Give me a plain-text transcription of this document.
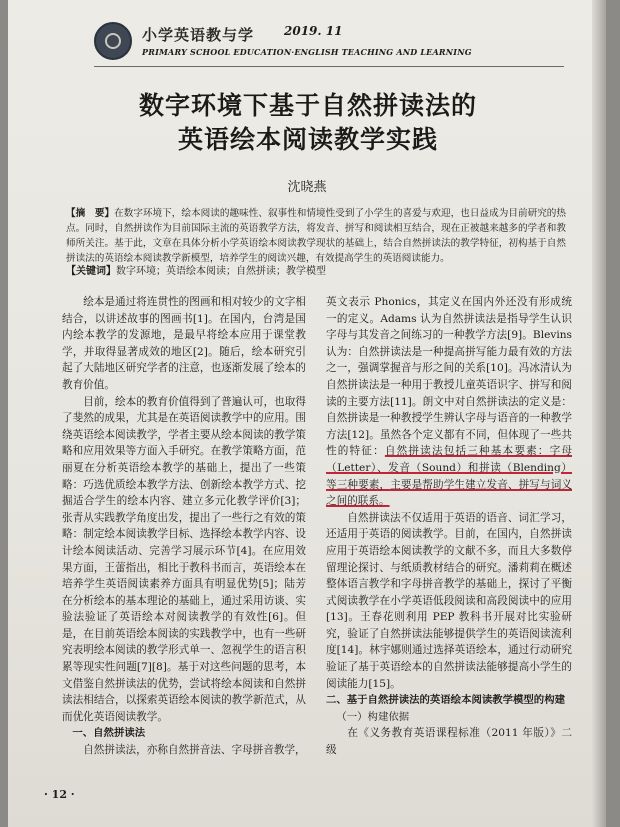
小学英语教与学 2019. 11
PRIMARY SCHOOL EDUCATION·ENGLISH TEACHING AND LEARNING
数字环境下基于自然拼读法的
英语绘本阅读教学实践
沈晓燕
【摘　要】在数字环境下，绘本阅读的趣味性、叙事性和情境性受到了小学生的喜爱与欢迎，也日益成为目前研究的热点。同时，自然拼读作为目前国际主流的英语教学方法，将发音、拼写和阅读相互结合，现在正被越来越多的学者和教师所关注。基于此，文章在具体分析小学英语绘本阅读教学现状的基础上，结合自然拼读法的教学特征，初构基于自然拼读法的英语绘本阅读教学新模型，培养学生的阅读兴趣，有效提高学生的英语阅读能力。
【关键词】数字环境；英语绘本阅读；自然拼读；教学模型

绘本是通过将连贯性的图画和相对较少的文字相结合，以讲述故事的图画书[1]。在国内，台湾是国内绘本教学的发源地，是最早将绘本应用于课堂教学，并取得显著成效的地区[2]。随后，绘本研究引起了大陆地区研究学者的注意，也逐渐发展了绘本的教育价值。

目前，绘本的教育价值得到了普遍认可，也取得了斐然的成果，尤其是在英语阅读教学中的应用。围绕英语绘本阅读教学，学者主要从绘本阅读的教学策略和应用效果等方面入手研究。在教学策略方面，范丽夏在分析英语绘本教学的基础上，提出了一些策略：巧选优质绘本教学方法、创新绘本教学方式、挖掘适合学生的绘本内容、建立多元化教学评价[3]；张青从实践教学角度出发，提出了一些行之有效的策略：制定绘本阅读教学目标、选择绘本教学内容、设计绘本阅读活动、完善学习展示环节[4]。在应用效果方面，王蕾指出，相比于教科书而言，英语绘本在培养学生英语阅读素养方面具有明显优势[5]；陆芳在分析绘本的基本理论的基础上，通过采用访谈、实验法验证了英语绘本对阅读教学的有效性[6]。但是，在目前英语绘本阅读的实践教学中，也有一些研究表明绘本阅读的教学形式单一、忽视学生的语言积累等现实性问题[7][8]。基于对这些问题的思考，本文借鉴自然拼读法的优势，尝试将绘本阅读和自然拼读法相结合，以探索英语绘本阅读的教学新范式，从而优化英语阅读教学。

一、自然拼读法

自然拼读法，亦称自然拼音法、字母拼音教学，

英文表示 Phonics，其定义在国内外还没有形成统一的定义。Adams 认为自然拼读法是指导学生认识字母与其发音之间练习的一种教学方法[9]。Blevins 认为：自然拼读法是一种提高拼写能力最有效的方法之一，强调掌握音与形之间的关系[10]。冯冰清认为自然拼读法是一种用于教授儿童英语识字、拼写和阅读的主要方法[11]。朗文中对自然拼读法的定义是：自然拼读是一种教授学生辨认字母与语音的一种教学方法[12]。虽然各个定义都有不同，但体现了一些共性的特征：自然拼读法包括三种基本要素：字母（Letter）、发音（Sound）和拼读（Blending）等三种要素，主要是帮助学生建立发音、拼写与词义之间的联系。

自然拼读法不仅适用于英语的语音、词汇学习，还适用于英语的阅读教学。目前，在国内，自然拼读应用于英语绘本阅读教学的文献不多，而且大多数停留理论探讨、与纸质教材结合的研究。潘莉莉在概述整体语言教学和字母拼音教学的基础上，探讨了平衡式阅读教学在小学英语低段阅读和高段阅读中的应用[13]。王春花则利用 PEP 教科书开展对比实验研究，验证了自然拼读法能够提供学生的英语阅读流利度[14]。林宇娜则通过选择英语绘本，通过行动研究验证了基于英语绘本的自然拼读法能够提高小学生的阅读能力[15]。

二、基于自然拼读法的英语绘本阅读教学模型的构建

（一）构建依据

在《义务教育英语课程标准（2011 年版）》二级

· 12 ·
